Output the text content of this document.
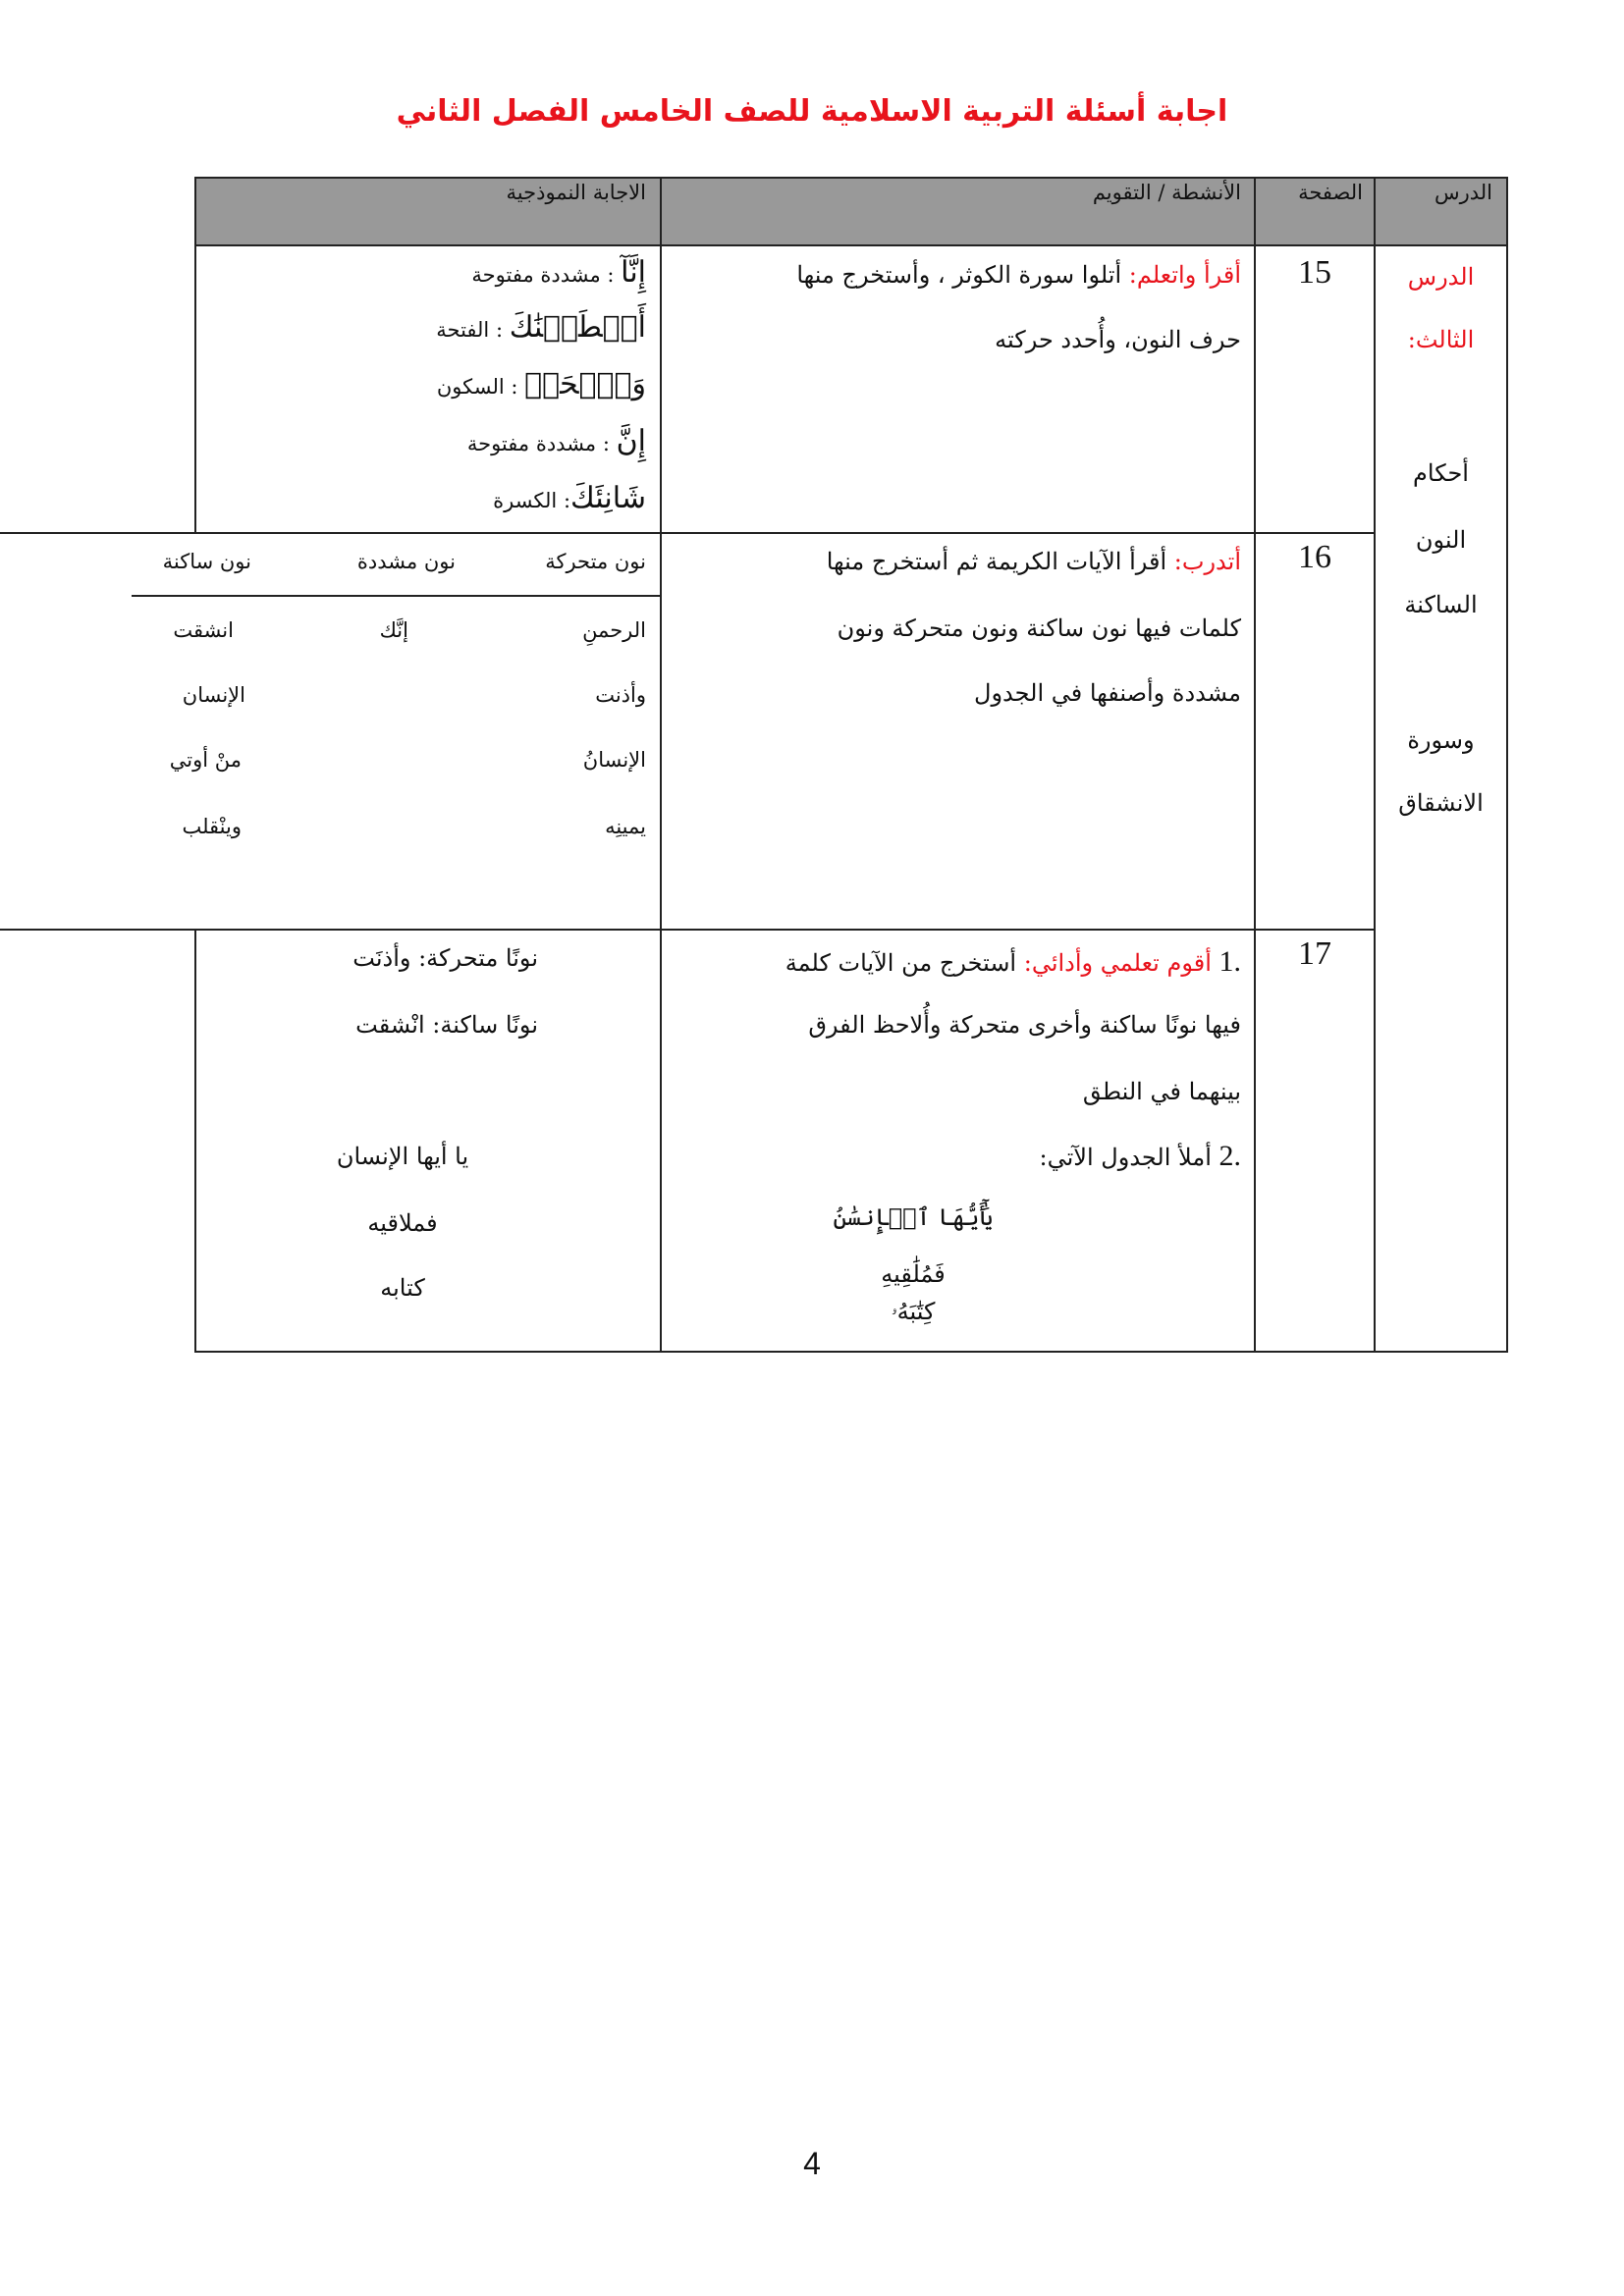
اجابة أسئلة التربية الاسلامية للصف الخامس الفصل الثاني
الدرس
الصفحة
الأنشطة / التقويم
الاجابة النموذجية
الدرس
الثالث:
أحكام
النون
الساكنة
وسورة
الانشقاق
15
أقرأ واتعلم: أتلوا سورة الكوثر ، وأستخرج منها
حرف النون، وأُحدد حركته
إِنَّآ : مشددة مفتوحة
أَعۡطَيۡنَٰكَ : الفتحة
وَٱنۡحَرۡ : السكون
إِنَّ : مشددة مفتوحة
شَانِئَكَ: الكسرة
16
أتدرب: أقرأ الآيات الكريمة ثم أستخرج منها
كلمات فيها نون ساكنة ونون متحركة ونون
مشددة وأصنفها في الجدول
نون متحركة
نون مشددة
نون ساكنة
الرحمنِ
وأذنت
الإنسانُ
يمينِه
إنَّك
انشقت
الإنسان
منْ أوتي
وينْقلب
17
.1 أقوم تعلمي وأدائي: أستخرج من الآيات كلمة
فيها نونًا ساكنة وأخرى متحركة وأُلاحظ الفرق
بينهما في النطق
.2 أملأ الجدول الآتي:
يَٰٓأَيُّهَا ٱلۡإِنسَٰنُ
فَمُلَٰقِيهِ
كِتَٰبَهُۥ
نونًا متحركة: وأذنَت
نونًا ساكنة: انْشقت
يا أيها الإنسان
فملاقيه
كتابه
4
